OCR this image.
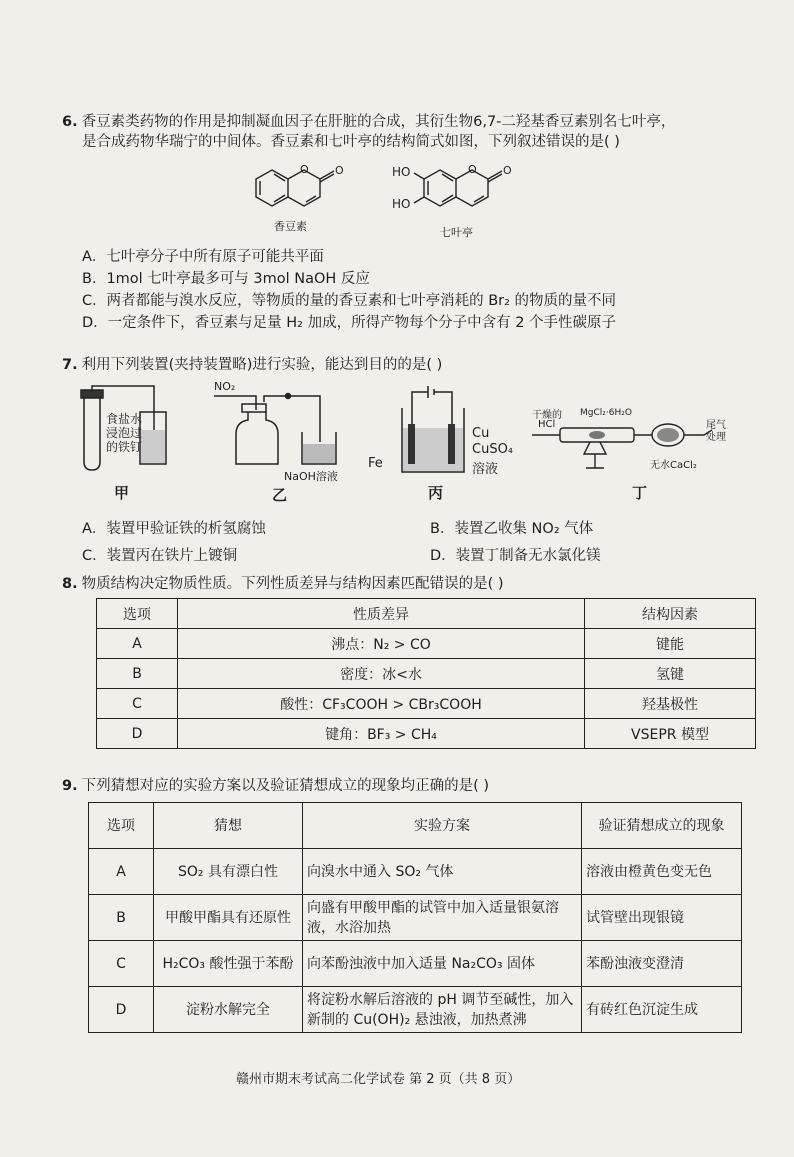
6. 香豆素类药物的作用是抑制凝血因子在肝脏的合成，其衍生物6,7-二羟基香豆素别名七叶亭，
是合成药物华瑞宁的中间体。香豆素和七叶亭的结构简式如图，下列叙述错误的是( )
O O
香豆素
HO
HO
O O
七叶亭
A．七叶亭分子中所有原子可能共平面
B．1mol 七叶亭最多可与 3mol NaOH 反应
C．两者都能与溴水反应，等物质的量的香豆素和七叶亭消耗的 Br₂ 的物质的量不同
D．一定条件下，香豆素与足量 H₂ 加成，所得产物每个分子中含有 2 个手性碳原子
7. 利用下列装置(夹持装置略)进行实验，能达到目的的是( )
食盐水
浸泡过
的铁钉
甲
NO₂
NaOH溶液
乙
Fe
Cu
CuSO₄
溶液
丙
干燥的
HCl
MgCl₂·6H₂O
尾气
处理
无水CaCl₂
丁
A．装置甲验证铁的析氢腐蚀	B．装置乙收集 NO₂ 气体
C．装置丙在铁片上镀铜	D．装置丁制备无水氯化镁
8. 物质结构决定物质性质。下列性质差异与结构因素匹配错误的是( )
选项	性质差异	结构因素
A	沸点：N₂ > CO	键能
B	密度：冰<水	氢键
C	酸性：CF₃COOH > CBr₃COOH	羟基极性
D	键角：BF₃ > CH₄	VSEPR 模型
9. 下列猜想对应的实验方案以及验证猜想成立的现象均正确的是( )
选项	猜想	实验方案	验证猜想成立的现象
A	SO₂ 具有漂白性	向溴水中通入 SO₂ 气体	溶液由橙黄色变无色
B	甲酸甲酯具有还原性	向盛有甲酸甲酯的试管中加入适量银氨溶液，水浴加热	试管壁出现银镜
C	H₂CO₃ 酸性强于苯酚	向苯酚浊液中加入适量 Na₂CO₃ 固体	苯酚浊液变澄清
D	淀粉水解完全	将淀粉水解后溶液的 pH 调节至碱性，加入新制的 Cu(OH)₂ 悬浊液，加热煮沸	有砖红色沉淀生成
赣州市期末考试高二化学试卷 第 2 页（共 8 页）
